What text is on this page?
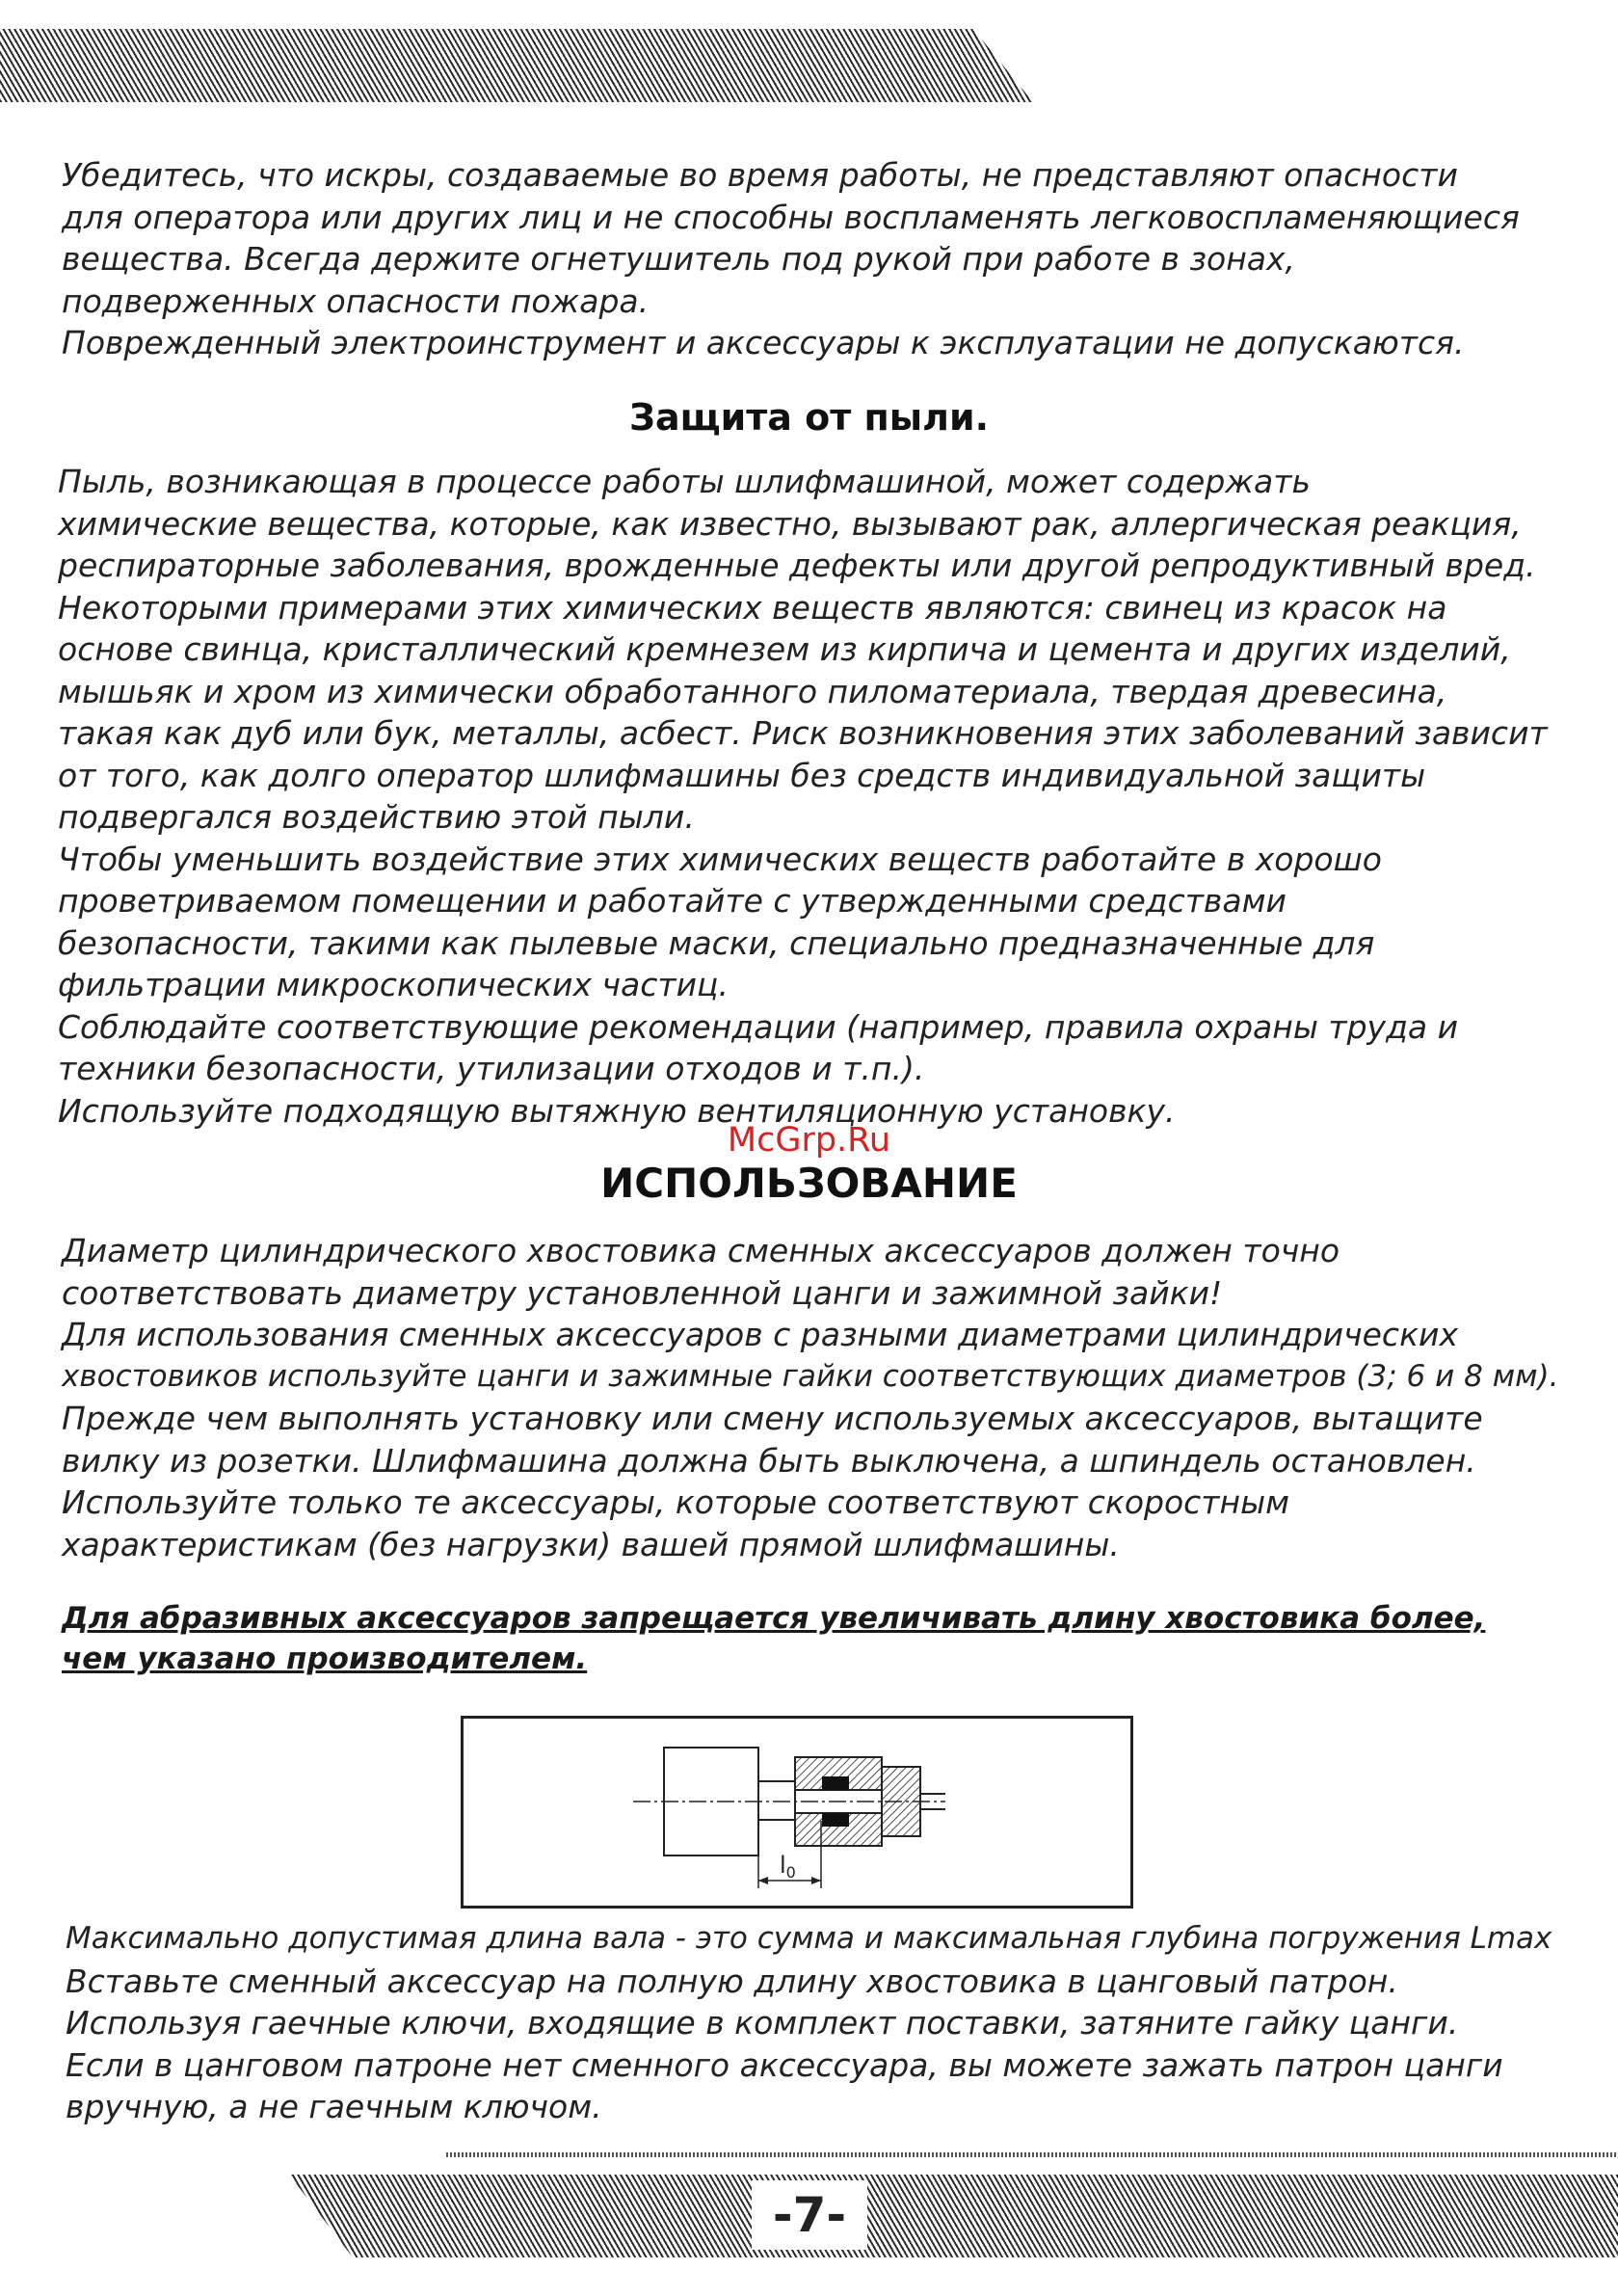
Убедитесь, что искры, создаваемые во время работы, не представляют опасности
для оператора или других лиц и не способны воспламенять легковоспламеняющиеся
вещества. Всегда держите огнетушитель под рукой при работе в зонах,
подверженных опасности пожара.
Поврежденный электроинструмент и аксессуары к эксплуатации не допускаются.
Защита от пыли.
Пыль, возникающая в процессе работы шлифмашиной, может содержать
химические вещества, которые, как известно, вызывают рак, аллергическая реакция,
респираторные заболевания, врожденные дефекты или другой репродуктивный вред.
Некоторыми примерами этих химических веществ являются: свинец из красок на
основе свинца, кристаллический кремнезем из кирпича и цемента и других изделий,
мышьяк и хром из химически обработанного пиломатериала, твердая древесина,
такая как дуб или бук, металлы, асбест. Риск возникновения этих заболеваний зависит
от того, как долго оператор шлифмашины без средств индивидуальной защиты
подвергался воздействию этой пыли.
Чтобы уменьшить воздействие этих химических веществ работайте в хорошо
проветриваемом помещении и работайте с утвержденными средствами
безопасности, такими как пылевые маски, специально предназначенные для
фильтрации микроскопических частиц.
Соблюдайте соответствующие рекомендации (например, правила охраны труда и
техники безопасности, утилизации отходов и т.п.).
Используйте подходящую вытяжную вентиляционную установку.
McGrp.Ru
ИСПОЛЬЗОВАНИЕ
Диаметр цилиндрического хвостовика сменных аксессуаров должен точно
соответствовать диаметру установленной цанги и зажимной зайки!
Для использования сменных аксессуаров с разными диаметрами цилиндрических
хвостовиков используйте цанги и зажимные гайки соответствующих диаметров (3; 6 и 8 мм).
Прежде чем выполнять установку или смену используемых аксессуаров, вытащите
вилку из розетки. Шлифмашина должна быть выключена, а шпиндель остановлен.
Используйте только те аксессуары, которые соответствуют скоростным
характеристикам (без нагрузки) вашей прямой шлифмашины.
Для абразивных аксессуаров запрещается увеличивать длину хвостовика более,
чем указано производителем.
$l_0$
Максимально допустимая длина вала - это сумма и максимальная глубина погружения Lmax
Вставьте сменный аксессуар на полную длину хвостовика в цанговый патрон.
Используя гаечные ключи, входящие в комплект поставки, затяните гайку цанги.
Если в цанговом патроне нет сменного аксессуара, вы можете зажать патрон цанги
вручную, а не гаечным ключом.
-7-
